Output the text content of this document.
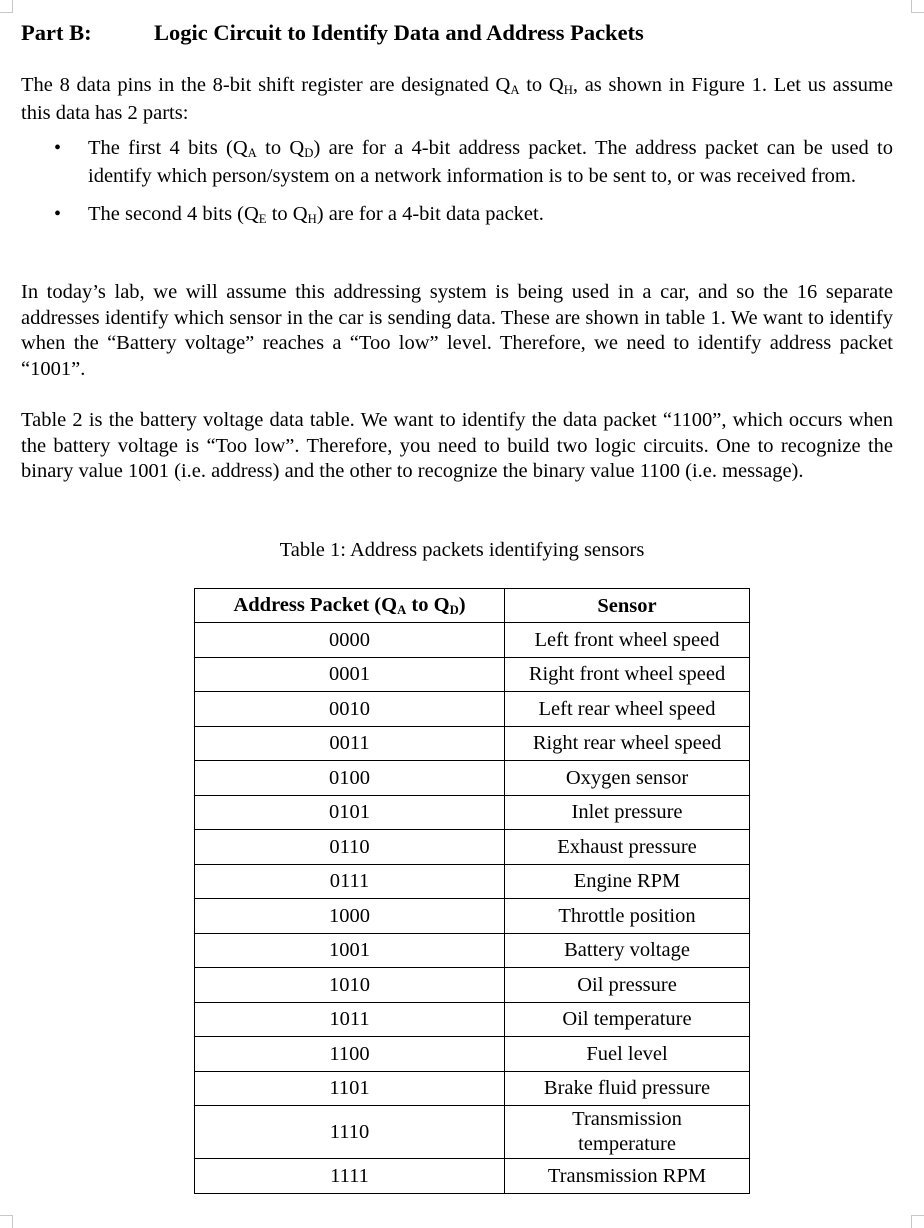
Part B:	Logic Circuit to Identify Data and Address Packets

The 8 data pins in the 8-bit shift register are designated $Q_A$ to $Q_H$, as shown in Figure 1. Let us assume this data has 2 parts:

• The first 4 bits ($Q_A$ to $Q_D$) are for a 4-bit address packet. The address packet can be used to identify which person/system on a network information is to be sent to, or was received from.
• The second 4 bits ($Q_E$ to $Q_H$) are for a 4-bit data packet.

In today’s lab, we will assume this addressing system is being used in a car, and so the 16 separate addresses identify which sensor in the car is sending data. These are shown in table 1. We want to identify when the “Battery voltage” reaches a “Too low” level. Therefore, we need to identify address packet “1001”.

Table 2 is the battery voltage data table. We want to identify the data packet “1100”, which occurs when the battery voltage is “Too low”. Therefore, you need to build two logic circuits. One to recognize the binary value 1001 (i.e. address) and the other to recognize the binary value 1100 (i.e. message).

Table 1: Address packets identifying sensors
Address Packet ($Q_A$ to $Q_D$)	Sensor
0000	Left front wheel speed
0001	Right front wheel speed
0010	Left rear wheel speed
0011	Right rear wheel speed
0100	Oxygen sensor
0101	Inlet pressure
0110	Exhaust pressure
0111	Engine RPM
1000	Throttle position
1001	Battery voltage
1010	Oil pressure
1011	Oil temperature
1100	Fuel level
1101	Brake fluid pressure
1110	Transmission temperature
1111	Transmission RPM
